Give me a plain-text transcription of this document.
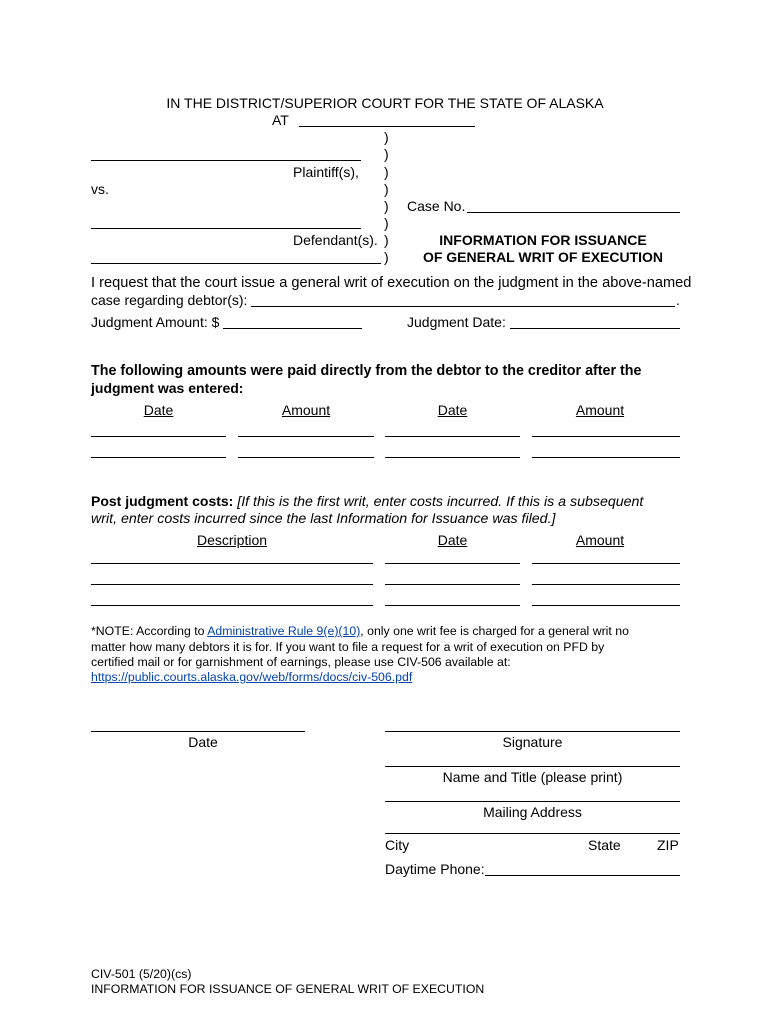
IN THE DISTRICT/SUPERIOR COURT FOR THE STATE OF ALASKA
AT
)
)
)
)
)
)
)
)
Plaintiff(s),
vs.
Case No.
Defendant(s).	INFORMATION FOR ISSUANCE
OF GENERAL WRIT OF EXECUTION
I request that the court issue a general writ of execution on the judgment in the above-named
case regarding debtor(s):	.
Judgment Amount: $	Judgment Date:
The following amounts were paid directly from the debtor to the creditor after the
judgment was entered:
Date	Amount	Date	Amount
Post judgment costs: [If this is the first writ, enter costs incurred. If this is a subsequent
writ, enter costs incurred since the last Information for Issuance was filed.]
Description	Date	Amount
*NOTE: According to Administrative Rule 9(e)(10), only one writ fee is charged for a general writ no
matter how many debtors it is for. If you want to file a request for a writ of execution on PFD by
certified mail or for garnishment of earnings, please use CIV-506 available at:
https://public.courts.alaska.gov/web/forms/docs/civ-506.pdf
Date	Signature
Name and Title (please print)
Mailing Address
City	State	ZIP
Daytime Phone:
CIV-501 (5/20)(cs)
INFORMATION FOR ISSUANCE OF GENERAL WRIT OF EXECUTION
